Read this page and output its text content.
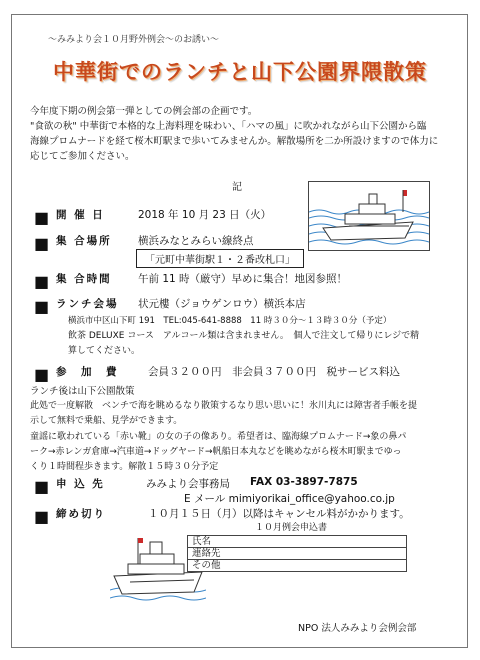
～みみより会１０月野外例会～のお誘い～
中華街でのランチと山下公園界隈散策
今年度下期の例会第一弾としての例会部の企画です。
"食欲の秋" 中華街で本格的な上海料理を味わい、「ハマの風」に吹かれながら山下公園から臨
海線プロムナードを経て桜木町駅まで歩いてみませんか。解散場所を二か所設けますので体力に
応じてご参加ください。
記
■ 開 催 日	2018 年 10 月 23 日（火）
■ 集 合場所	横浜みなとみらい線終点
「元町中華街駅１・２番改札口」
■ 集 合時間	午前 11 時（厳守）早めに集合！地図参照！
■ ランチ会場 状元樓（ジョウゲンロウ）横浜本店
横浜市中区山下町 191　TEL:045-641-8888　11 時３０分～１３時３０分（予定）
飲茶 DELUXE コース　アルコール類は含まれません。　個人で注文して帰りにレジで精
算してください。
■ 参　加　費	会員３２００円　非会員３７００円　税サービス料込
ランチ後は山下公園散策
此処で一度解散　ベンチで海を眺めるなり散策するなり思い思いに！氷川丸には障害者手帳を提
示して無料で乗船、見学ができます。
童謡に歌われている「赤い靴」の女の子の像あり。希望者は、臨海線プロムナード→象の鼻パ
ーク→赤レンガ倉庫→汽車道→ドッグヤード→帆船日本丸などを眺めながら桜木町駅までゆっ
くり１時間程歩きます。解散１５時３０分予定
■ 申 込 先	みみより会事務局 FAX 03-3897-7875
E メール mimiyorikai_office@yahoo.co.jp
■ 締め切り	１０月１５日（月）以降はキャンセル料がかかります。
１０月例会申込書
氏名
連絡先
その他
NPO 法人みみより会例会部
